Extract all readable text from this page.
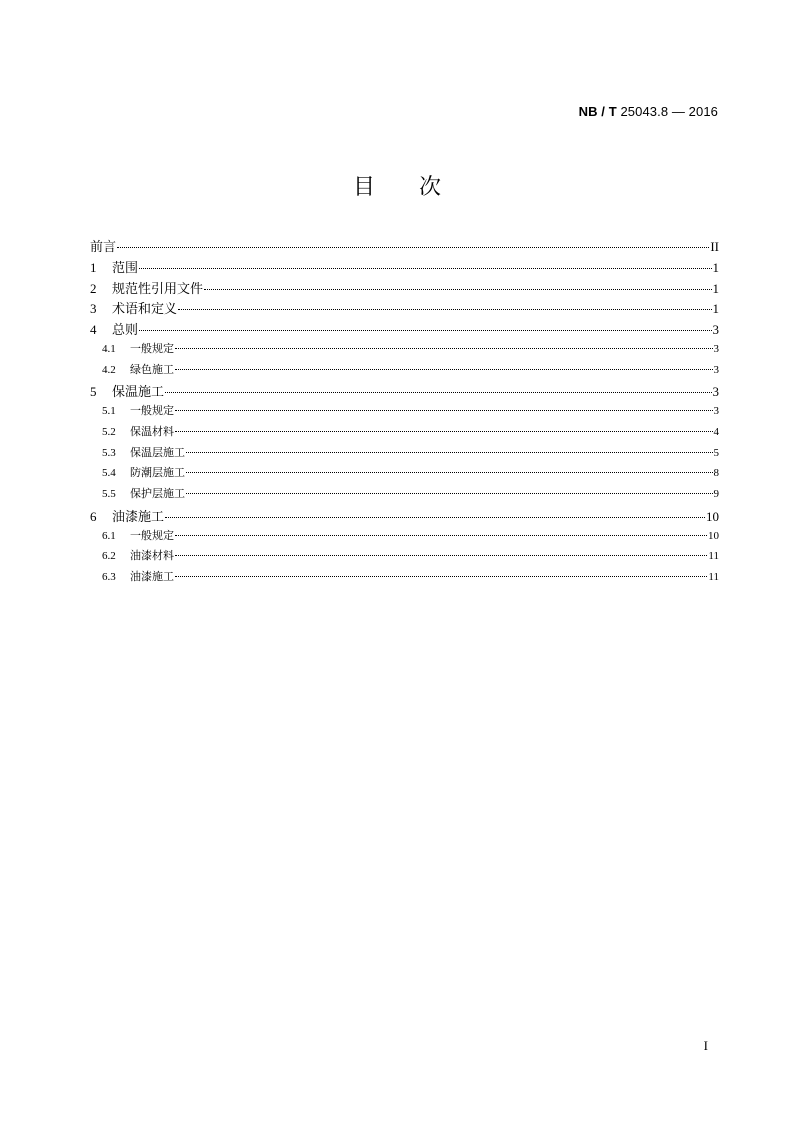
NB / T 25043.8 — 2016
目 次
前言	II
1	范围	1
2	规范性引用文件	1
3	术语和定义	1
4	总则	3
4.1	一般规定	3
4.2	绿色施工	3
5	保温施工	3
5.1	一般规定	3
5.2	保温材料	4
5.3	保温层施工	5
5.4	防潮层施工	8
5.5	保护层施工	9
6	油漆施工	10
6.1	一般规定	10
6.2	油漆材料	11
6.3	油漆施工	11
I
